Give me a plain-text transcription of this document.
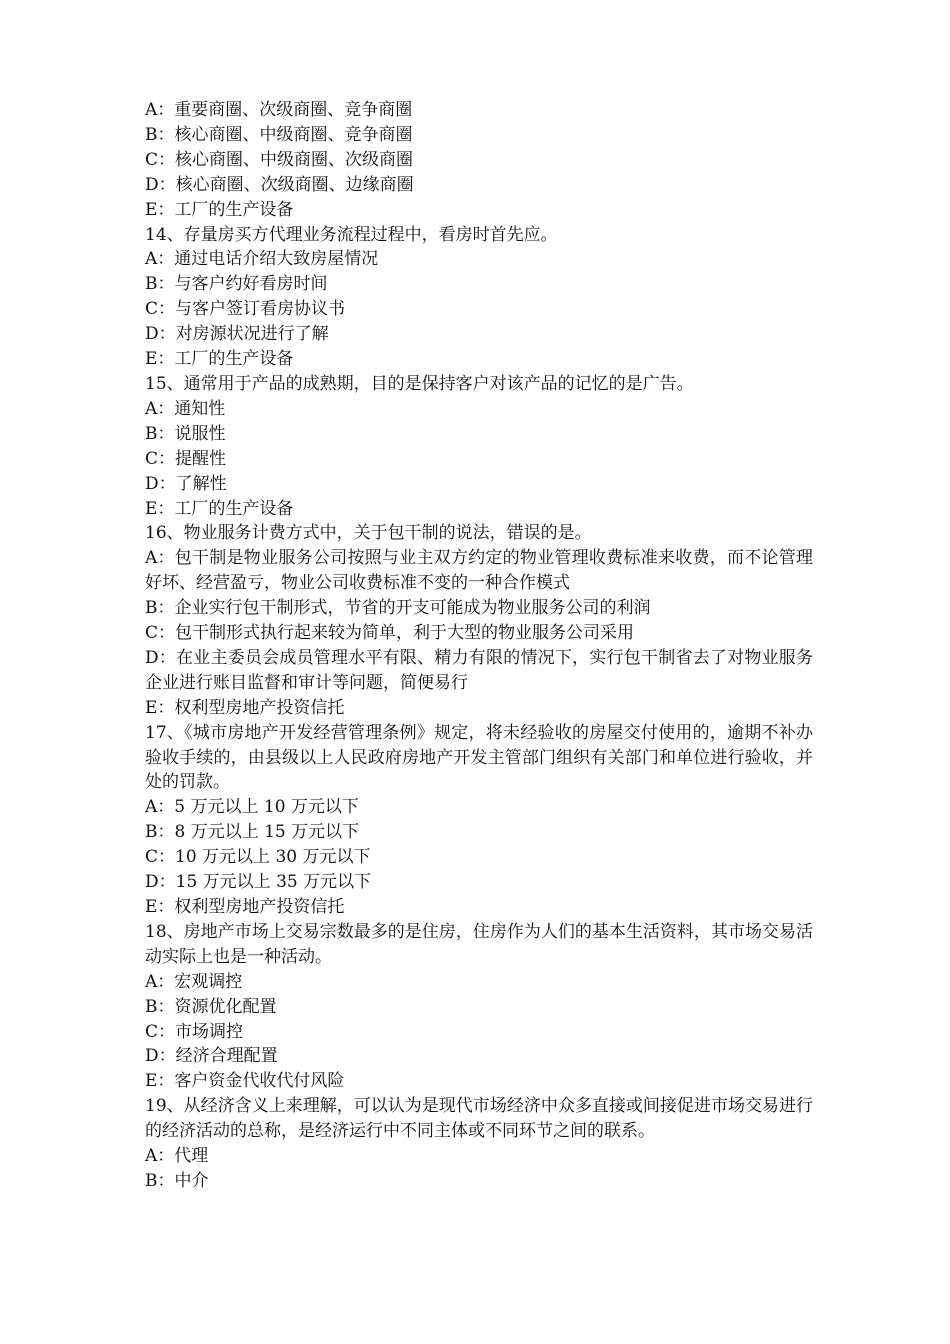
A：重要商圈、次级商圈、竞争商圈
B：核心商圈、中级商圈、竞争商圈
C：核心商圈、中级商圈、次级商圈
D：核心商圈、次级商圈、边缘商圈
E：工厂的生产设备
14、存量房买方代理业务流程过程中，看房时首先应。
A：通过电话介绍大致房屋情况
B：与客户约好看房时间
C：与客户签订看房协议书
D：对房源状况进行了解
E：工厂的生产设备
15、通常用于产品的成熟期，目的是保持客户对该产品的记忆的是广告。
A：通知性
B：说服性
C：提醒性
D：了解性
E：工厂的生产设备
16、物业服务计费方式中，关于包干制的说法，错误的是。
A：包干制是物业服务公司按照与业主双方约定的物业管理收费标准来收费，而不论管理好坏、经营盈亏，物业公司收费标准不变的一种合作模式
B：企业实行包干制形式，节省的开支可能成为物业服务公司的利润
C：包干制形式执行起来较为简单，利于大型的物业服务公司采用
D：在业主委员会成员管理水平有限、精力有限的情况下，实行包干制省去了对物业服务企业进行账目监督和审计等问题，简便易行
E：权利型房地产投资信托
17、《城市房地产开发经营管理条例》规定，将未经验收的房屋交付使用的，逾期不补办验收手续的，由县级以上人民政府房地产开发主管部门组织有关部门和单位进行验收，并处的罚款。
A：5 万元以上 10 万元以下
B：8 万元以上 15 万元以下
C：10 万元以上 30 万元以下
D：15 万元以上 35 万元以下
E：权利型房地产投资信托
18、房地产市场上交易宗数最多的是住房，住房作为人们的基本生活资料，其市场交易活动实际上也是一种活动。
A：宏观调控
B：资源优化配置
C：市场调控
D：经济合理配置
E：客户资金代收代付风险
19、从经济含义上来理解，可以认为是现代市场经济中众多直接或间接促进市场交易进行的经济活动的总称，是经济运行中不同主体或不同环节之间的联系。
A：代理
B：中介
